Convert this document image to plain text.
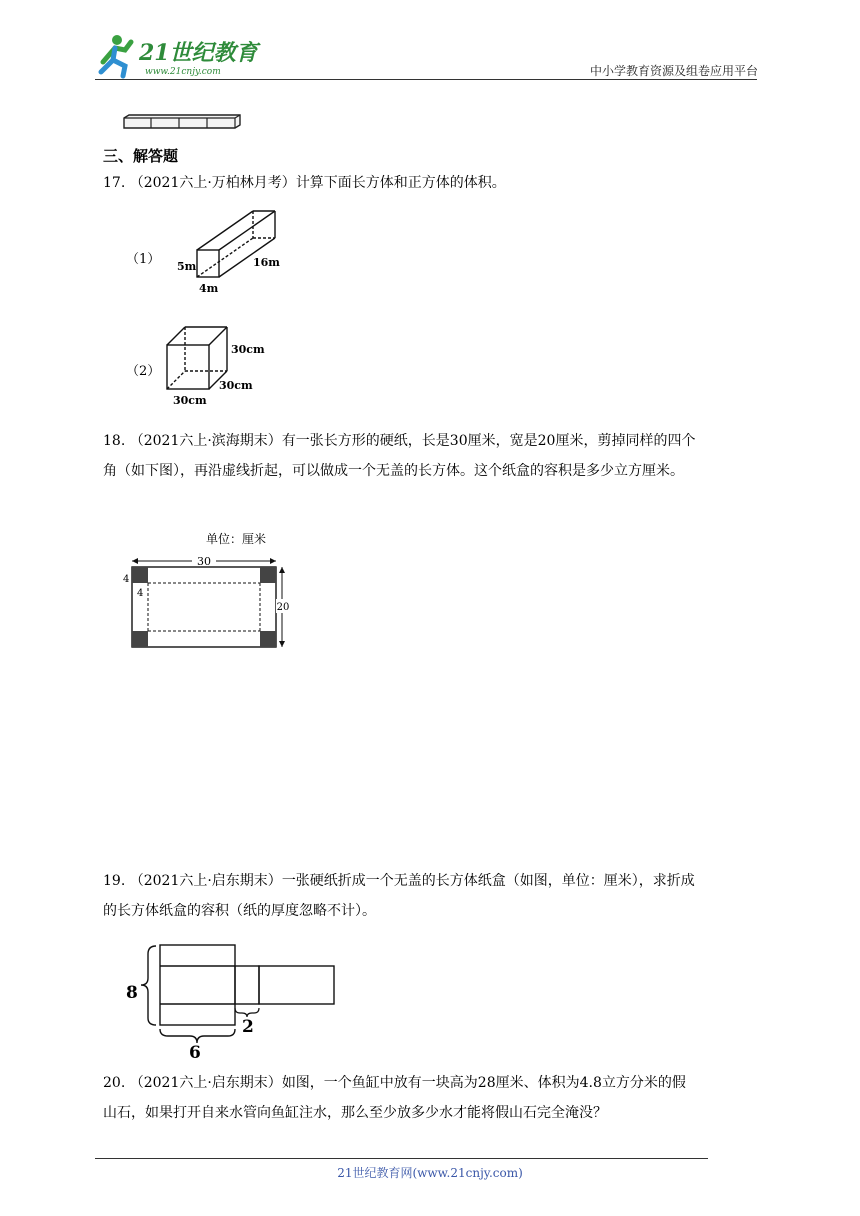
21世纪教育
www.21cnjy.com	中小学教育资源及组卷应用平台
三、解答题
17. （2021六上·万柏林月考）计算下面长方体和正方体的体积。
（1） 5m	16m
4m
（2）
30cm
30cm
30cm
18. （2021六上·滨海期末）有一张长方形的硬纸，长是30厘米，宽是20厘米，剪掉同样的四个
角（如下图），再沿虚线折起，可以做成一个无盖的长方体。这个纸盒的容积是多少立方厘米。
单位：厘米
30
4
4
20
19. （2021六上·启东期末）一张硬纸折成一个无盖的长方体纸盒（如图，单位：厘米），求折成
的长方体纸盒的容积（纸的厚度忽略不计）。
8
6
2
20. （2021六上·启东期末）如图，一个鱼缸中放有一块高为28厘米、体积为4.8立方分米的假
山石，如果打开自来水管向鱼缸注水，那么至少放多少水才能将假山石完全淹没？
21世纪教育网(www.21cnjy.com)
